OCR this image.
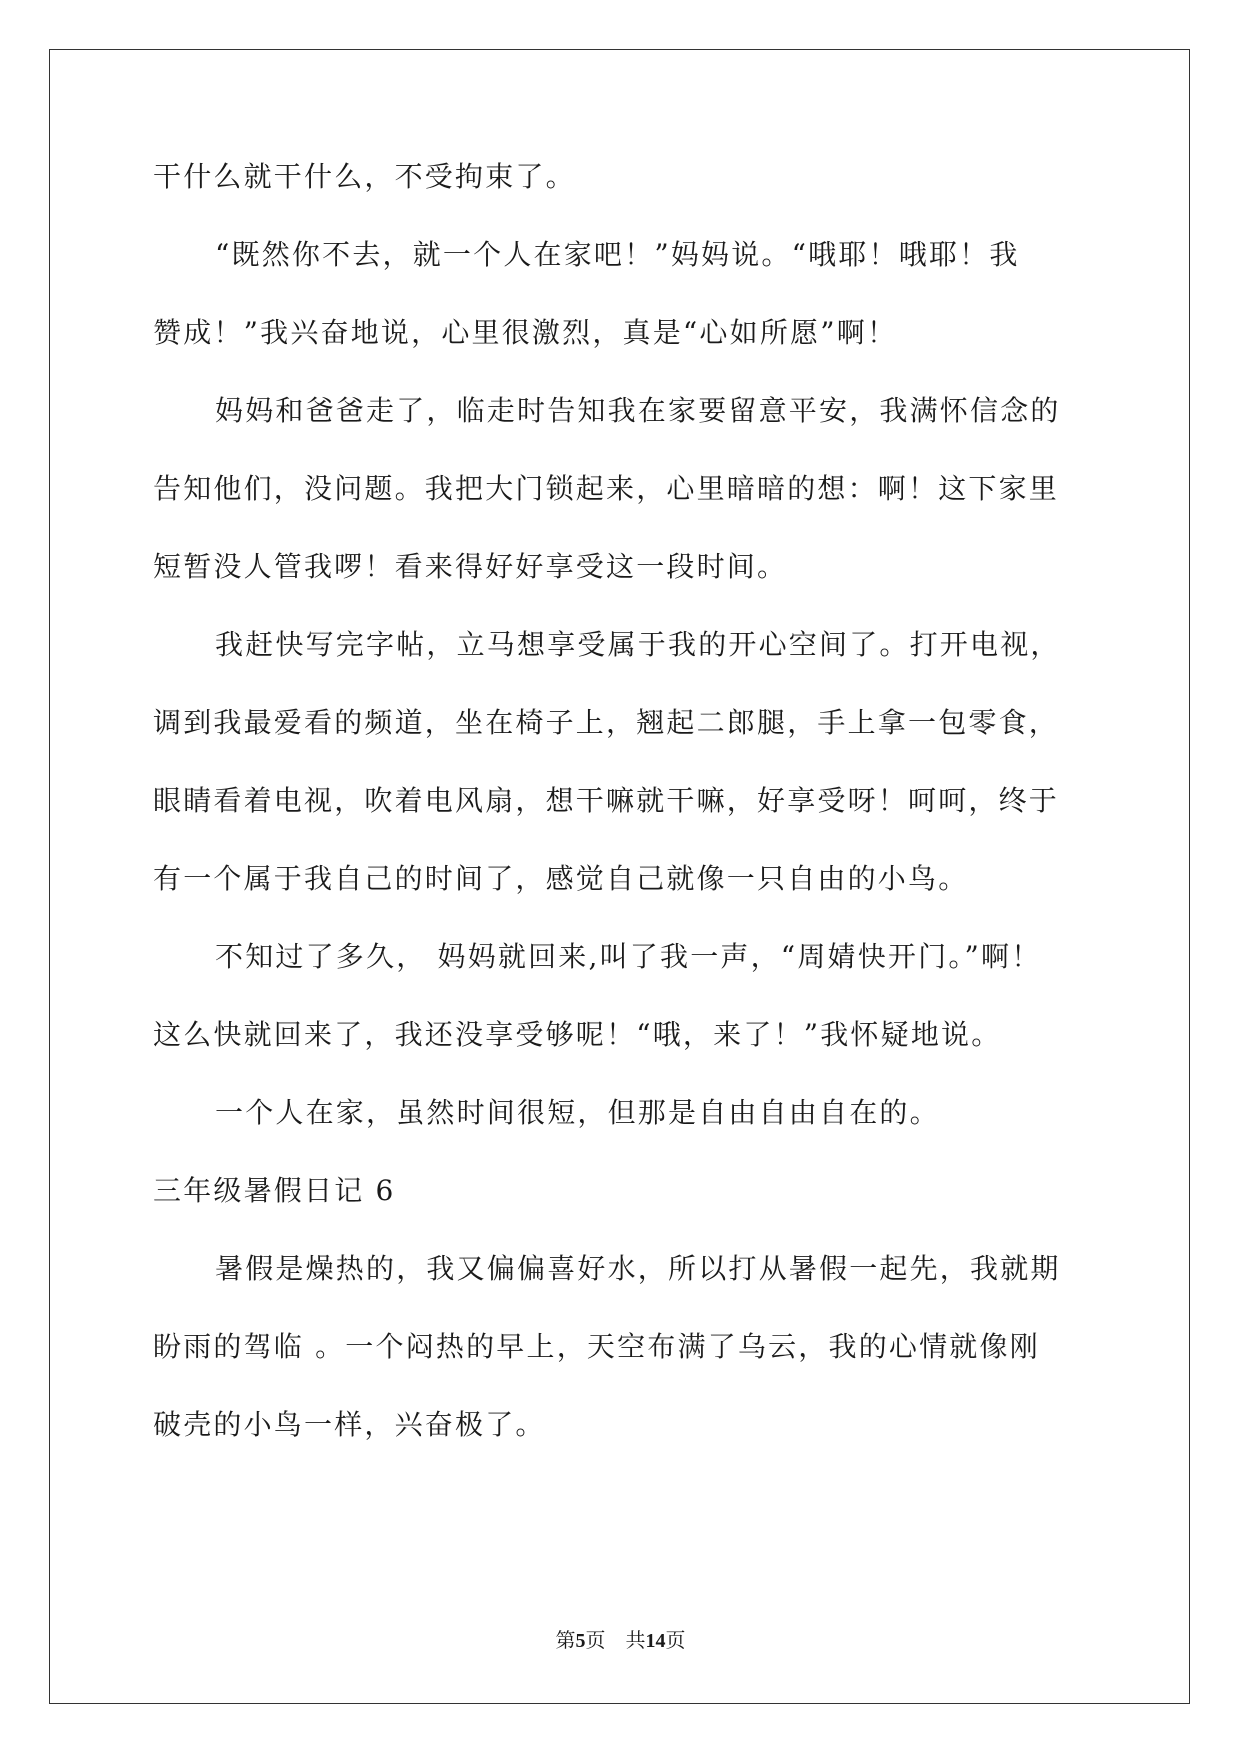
干什么就干什么，不受拘束了。
“既然你不去，就一个人在家吧！”妈妈说。“哦耶！哦耶！我
赞成！”我兴奋地说，心里很激烈，真是“心如所愿”啊！
妈妈和爸爸走了，临走时告知我在家要留意平安，我满怀信念的
告知他们，没问题。我把大门锁起来，心里暗暗的想：啊！这下家里
短暂没人管我啰！看来得好好享受这一段时间。
我赶快写完字帖，立马想享受属于我的开心空间了。打开电视，
调到我最爱看的频道，坐在椅子上，翘起二郎腿，手上拿一包零食，
眼睛看着电视，吹着电风扇，想干嘛就干嘛，好享受呀！呵呵，终于
有一个属于我自己的时间了，感觉自己就像一只自由的小鸟。
不知过了多久， 妈妈就回来,叫了我一声，“周婧快开门。”啊！
这么快就回来了，我还没享受够呢！“哦，来了！”我怀疑地说。
一个人在家，虽然时间很短，但那是自由自由自在的。
三年级暑假日记 6
暑假是燥热的，我又偏偏喜好水，所以打从暑假一起先，我就期
盼雨的驾临 。一个闷热的早上，天空布满了乌云，我的心情就像刚
破壳的小鸟一样，兴奋极了。
第5页    共14页
